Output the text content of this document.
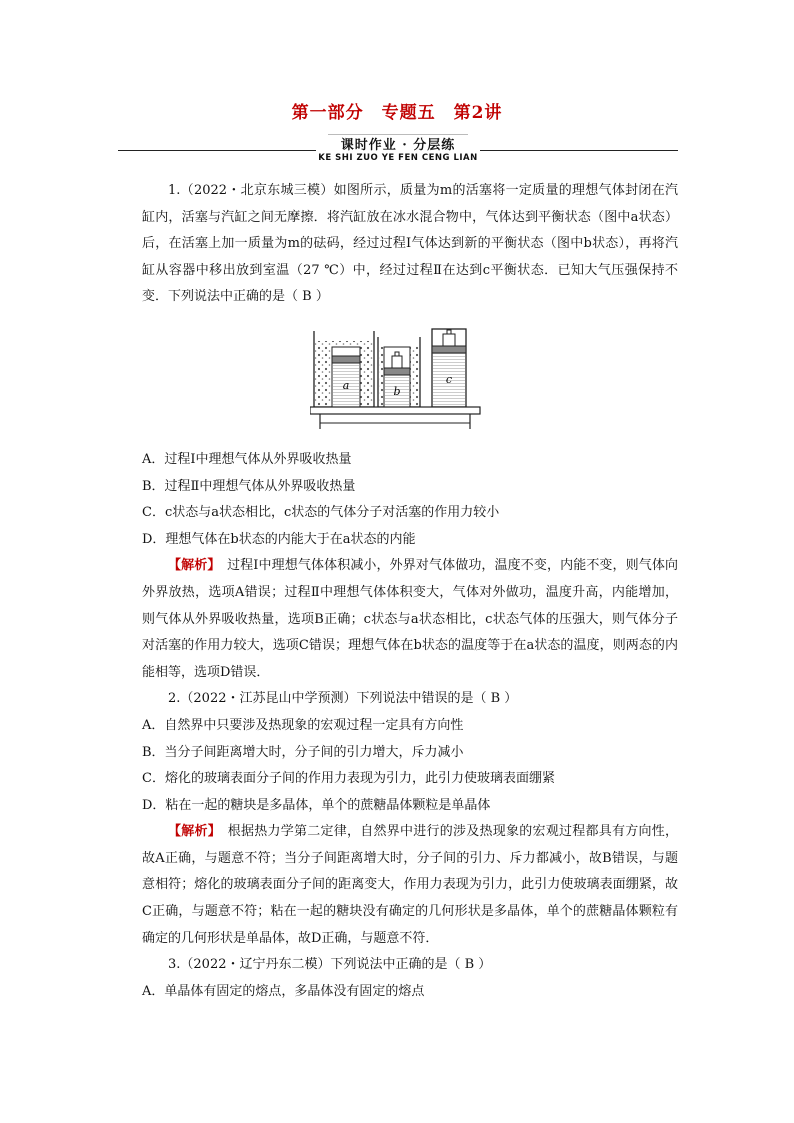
第一部分　专题五　第2讲
课时作业 · 分层练
KE SHI ZUO YE FEN CENG LIAN

1.（2022・北京东城三模）如图所示，质量为m的活塞将一定质量的理想气体封闭在汽缸内，活塞与汽缸之间无摩擦．将汽缸放在冰水混合物中，气体达到平衡状态（图中a状态）后，在活塞上加一质量为m的砝码，经过过程Ⅰ气体达到新的平衡状态（图中b状态），再将汽缸从容器中移出放到室温（27 ℃）中，经过过程Ⅱ在达到c平衡状态．已知大气压强保持不变．下列说法中正确的是（ B ）

a	b
c

A．过程Ⅰ中理想气体从外界吸收热量

B．过程Ⅱ中理想气体从外界吸收热量

C．c状态与a状态相比，c状态的气体分子对活塞的作用力较小

D．理想气体在b状态的内能大于在a状态的内能

【解析】　过程Ⅰ中理想气体体积减小，外界对气体做功，温度不变，内能不变，则气体向外界放热，选项A错误；过程Ⅱ中理想气体体积变大，气体对外做功，温度升高，内能增加，则气体从外界吸收热量，选项B正确；c状态与a状态相比，c状态气体的压强大，则气体分子对活塞的作用力较大，选项C错误；理想气体在b状态的温度等于在a状态的温度，则两态的内能相等，选项D错误．

2.（2022・江苏昆山中学预测）下列说法中错误的是（ B ）

A．自然界中只要涉及热现象的宏观过程一定具有方向性

B．当分子间距离增大时，分子间的引力增大，斥力减小

C．熔化的玻璃表面分子间的作用力表现为引力，此引力使玻璃表面绷紧

D．粘在一起的糖块是多晶体，单个的蔗糖晶体颗粒是单晶体

【解析】　根据热力学第二定律，自然界中进行的涉及热现象的宏观过程都具有方向性，故A正确，与题意不符；当分子间距离增大时，分子间的引力、斥力都减小，故B错误，与题意相符；熔化的玻璃表面分子间的距离变大，作用力表现为引力，此引力使玻璃表面绷紧，故C正确，与题意不符；粘在一起的糖块没有确定的几何形状是多晶体，单个的蔗糖晶体颗粒有确定的几何形状是单晶体，故D正确，与题意不符．

3.（2022・辽宁丹东二模）下列说法中正确的是（ B ）

A．单晶体有固定的熔点，多晶体没有固定的熔点
